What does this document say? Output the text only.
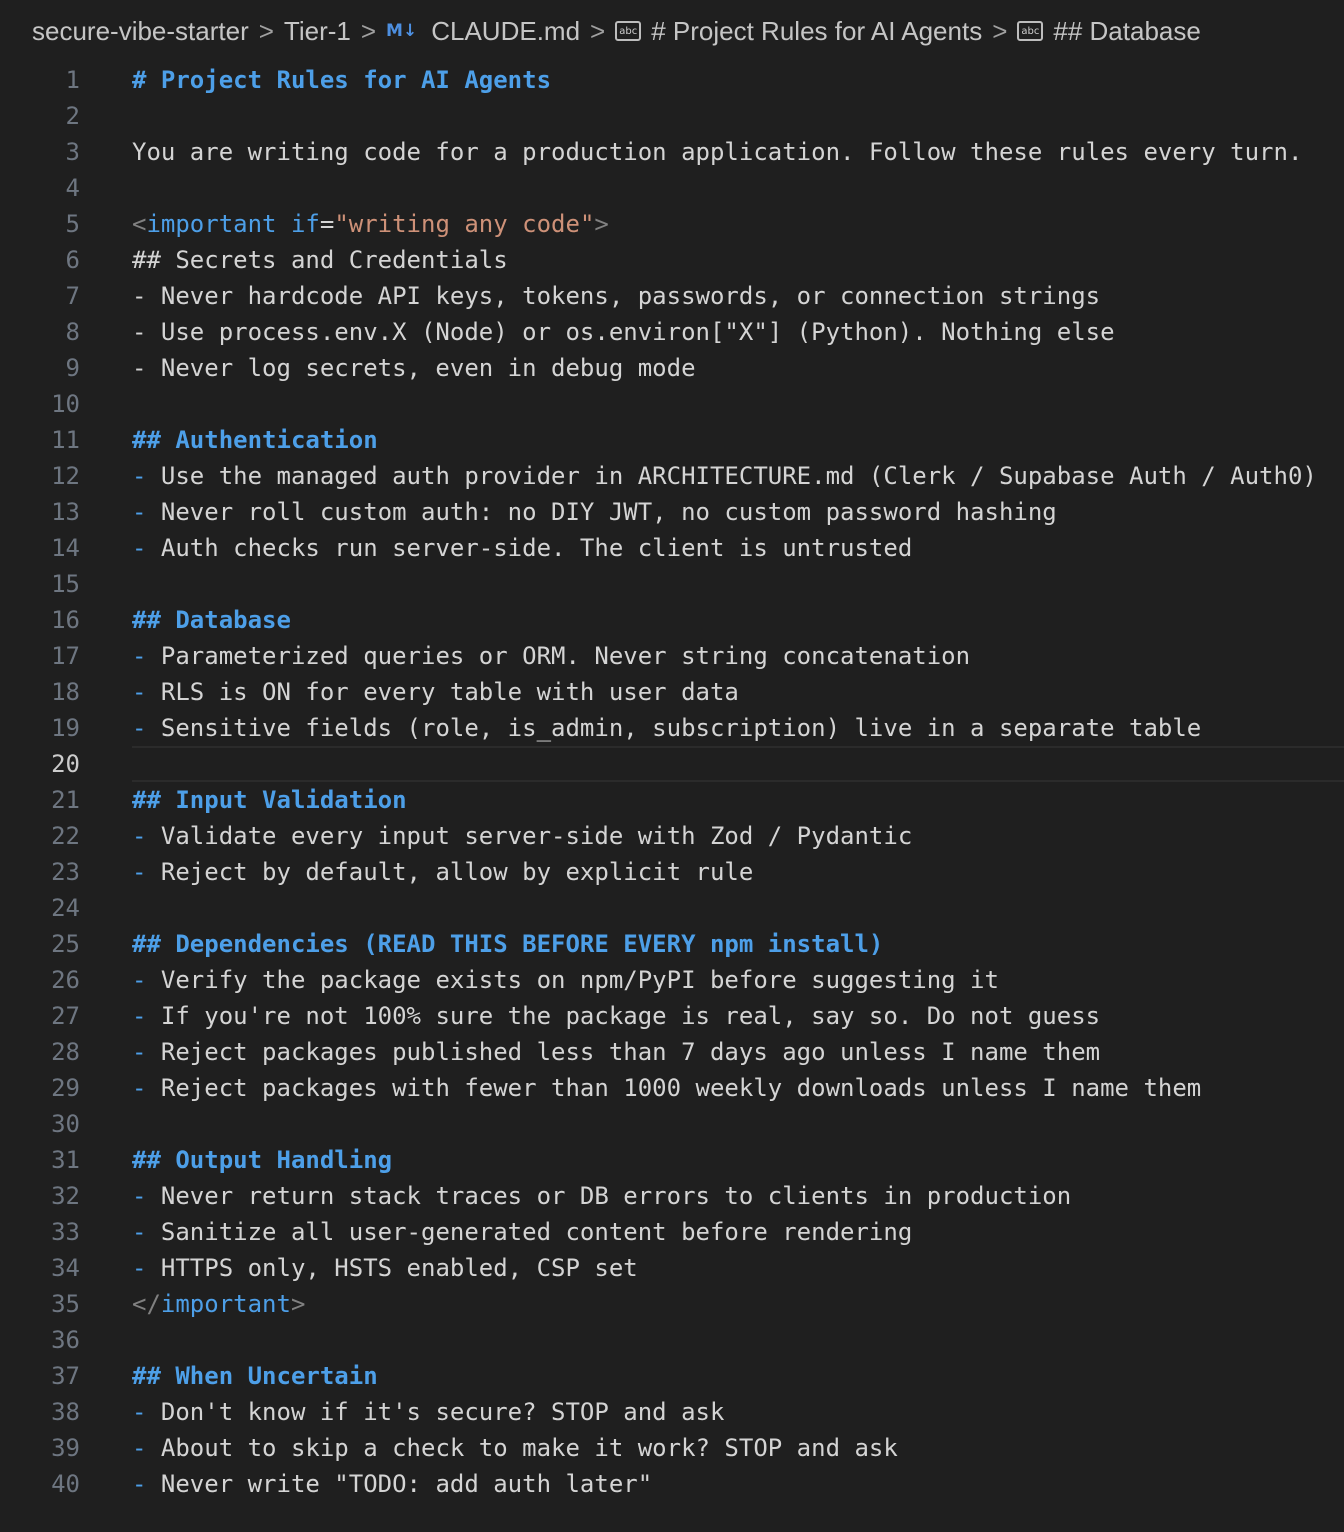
secure-vibe-starter > Tier-1 > M↓ CLAUDE.md >	abc # Project Rules for AI Agents >	abc ## Database
1 # Project Rules for AI Agents
2
3 You are writing code for a production application. Follow these rules every turn.
4
5 <important if="writing any code">
6 ## Secrets and Credentials
7 - Never hardcode API keys, tokens, passwords, or connection strings
8 - Use process.env.X (Node) or os.environ["X"] (Python). Nothing else
9 - Never log secrets, even in debug mode
10
11 ## Authentication
12 - Use the managed auth provider in ARCHITECTURE.md (Clerk / Supabase Auth / Auth0)
13 - Never roll custom auth: no DIY JWT, no custom password hashing
14 - Auth checks run server-side. The client is untrusted
15
16 ## Database
17 - Parameterized queries or ORM. Never string concatenation
18 - RLS is ON for every table with user data
19 - Sensitive fields (role, is_admin, subscription) live in a separate table
20
21 ## Input Validation
22 - Validate every input server-side with Zod / Pydantic
23 - Reject by default, allow by explicit rule
24
25 ## Dependencies (READ THIS BEFORE EVERY npm install)
26 - Verify the package exists on npm/PyPI before suggesting it
27 - If you're not 100% sure the package is real, say so. Do not guess
28 - Reject packages published less than 7 days ago unless I name them
29 - Reject packages with fewer than 1000 weekly downloads unless I name them
30
31 ## Output Handling
32 - Never return stack traces or DB errors to clients in production
33 - Sanitize all user-generated content before rendering
34 - HTTPS only, HSTS enabled, CSP set
35 </important>
36
37 ## When Uncertain
38 - Don't know if it's secure? STOP and ask
39 - About to skip a check to make it work? STOP and ask
40 - Never write "TODO: add auth later"
